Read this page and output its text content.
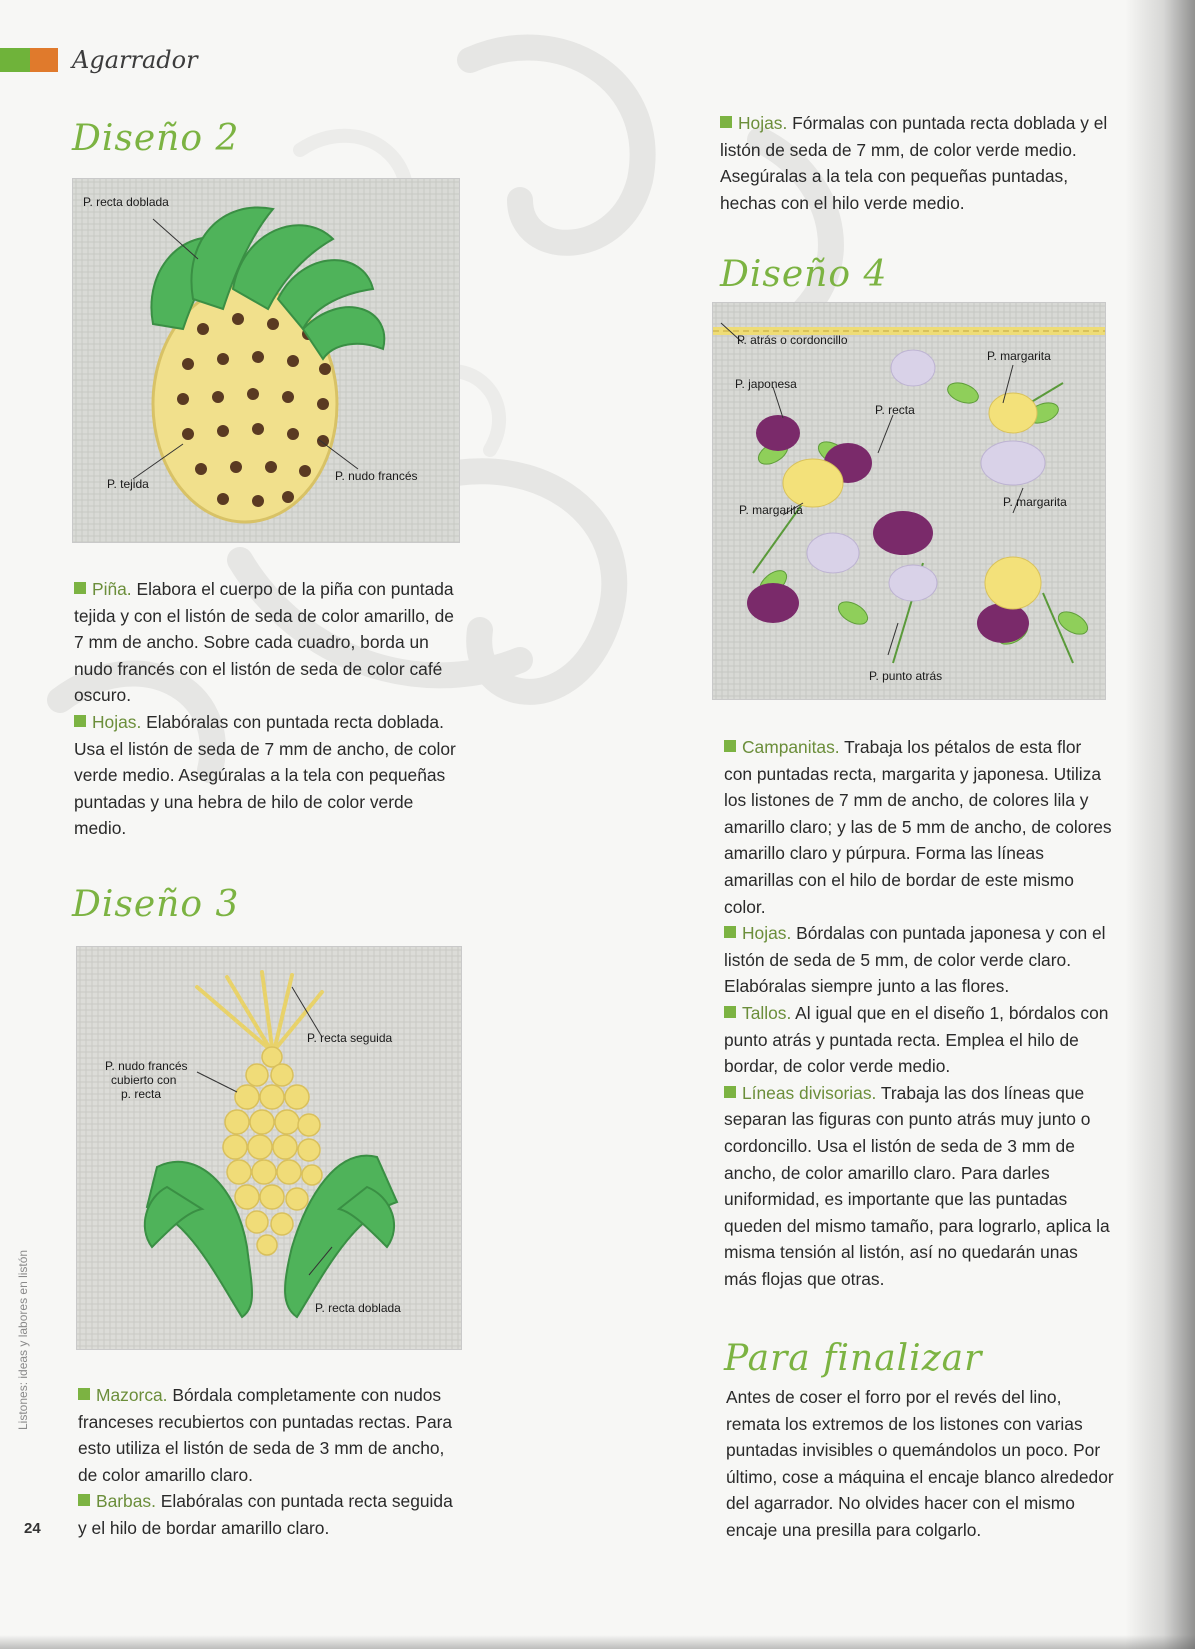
Agarrador
Diseño 2
P. recta doblada
P. tejida
P. nudo francés

Piña. Elabora el cuerpo de la piña con puntada tejida y con el listón de seda de color amarillo, de 7 mm de ancho. Sobre cada cuadro, borda un nudo francés con el listón de seda de color café oscuro.

Hojas. Elabóralas con puntada recta doblada. Usa el listón de seda de 7 mm de ancho, de color verde medio. Asegúralas a la tela con pequeñas puntadas y una hebra de hilo de color verde medio.

Diseño 3
P. recta seguida
P. nudo francés
cubierto con
p. recta
P. recta doblada

Mazorca. Bórdala completamente con nudos franceses recubiertos con puntadas rectas. Para esto utiliza el listón de seda de 3 mm de ancho, de color amarillo claro.

Barbas. Elabóralas con puntada recta seguida y el hilo de bordar amarillo claro.

Listones: ideas y labores en listón
24

Hojas. Fórmalas con puntada recta doblada y el listón de seda de 7 mm, de color verde medio. Asegúralas a la tela con pequeñas puntadas, hechas con el hilo verde medio.

Diseño 4
P. atrás o cordoncillo
P. margarita
P. japonesa
P. recta
P. margarita
P. margarita
P. punto atrás

Campanitas. Trabaja los pétalos de esta flor con puntadas recta, margarita y japonesa. Utiliza los listones de 7 mm de ancho, de colores lila y amarillo claro; y las de 5 mm de ancho, de colores amarillo claro y púrpura. Forma las líneas amarillas con el hilo de bordar de este mismo color.

Hojas. Bórdalas con puntada japonesa y con el listón de seda de 5 mm, de color verde claro. Elabóralas siempre junto a las flores.

Tallos. Al igual que en el diseño 1, bórdalos con punto atrás y puntada recta. Emplea el hilo de bordar, de color verde medio.

Líneas divisorias. Trabaja las dos líneas que separan las figuras con punto atrás muy junto o cordoncillo. Usa el listón de seda de 3 mm de ancho, de color amarillo claro. Para darles uniformidad, es importante que las puntadas queden del mismo tamaño, para lograrlo, aplica la misma tensión al listón, así no quedarán unas más flojas que otras.

Para finalizar

Antes de coser el forro por el revés del lino, remata los extremos de los listones con varias puntadas invisibles o quemándolos un poco. Por último, cose a máquina el encaje blanco alrededor del agarrador. No olvides hacer con el mismo encaje una presilla para colgarlo.
